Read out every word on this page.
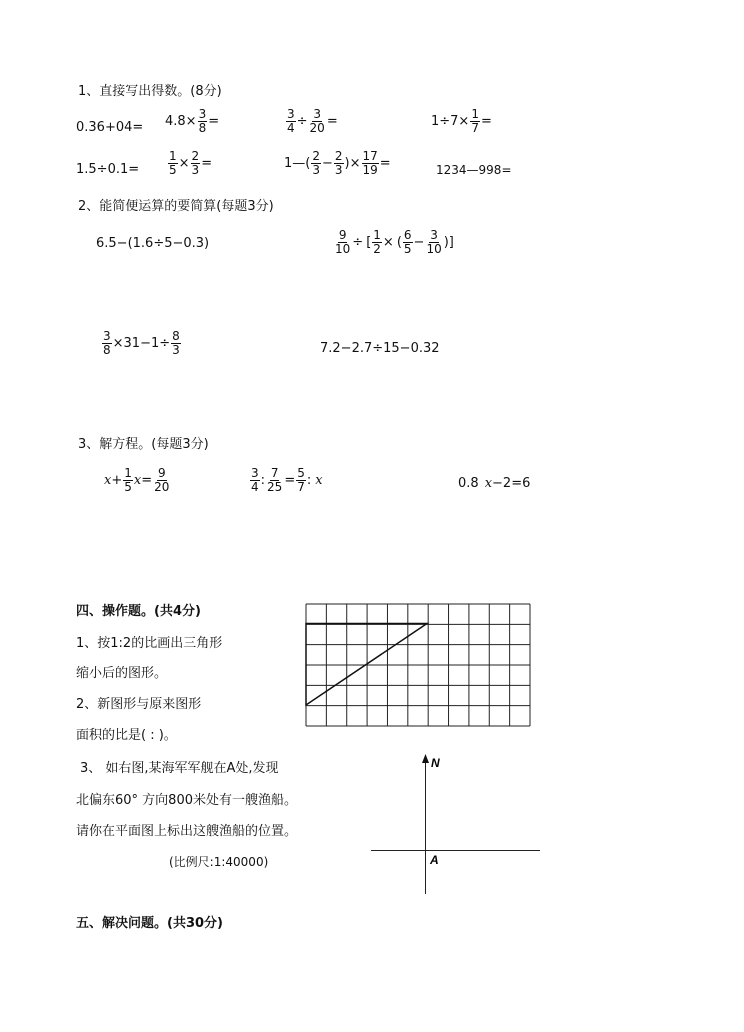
1、直接写出得数。(8分)
$0.36+04= 4.8\times \frac{3}{8}$ =	$\frac{3}{4} \div \frac{3}{20}$ =	$1\div 7\times \frac{1}{7}$ =
$1.5\div 0.1= \frac{1}{5} \times \frac{2}{3}$ =	1—( $\frac{2}{3} - \frac{2}{3}$ )× $\frac{17}{19}$ =	1234—998=
2、能简便运算的要简算(每题3分)
6.5−(1.6÷5−0.3)	$\frac{9}{10}$ ÷ [ $\frac{1}{2}$ × ( $\frac{6}{5} - \frac{3}{10}$ )]
$\frac{3}{8} \times 31-1\div \frac{8}{3}$	7.2−2.7÷15−0.32
3、解方程。(每题3分)
$x + \frac{1}{5}$ $x = \frac{9}{20}$	$\frac{3}{4}$ : $\frac{7}{25} = \frac{5}{7}$ : x	0.8 x −2=6
四、操作题。(共4分)
1、按1:2的比画出三角形
缩小后的图形。
2、新图形与原来图形
面积的比是( : )。
3、 如右图,某海军军舰在A处,发现
北偏东60° 方向800米处有一艘渔船。
请你在平面图上标出这艘渔船的位置。
(比例尺:1:40000)
N
A
五、解决问题。(共30分)
